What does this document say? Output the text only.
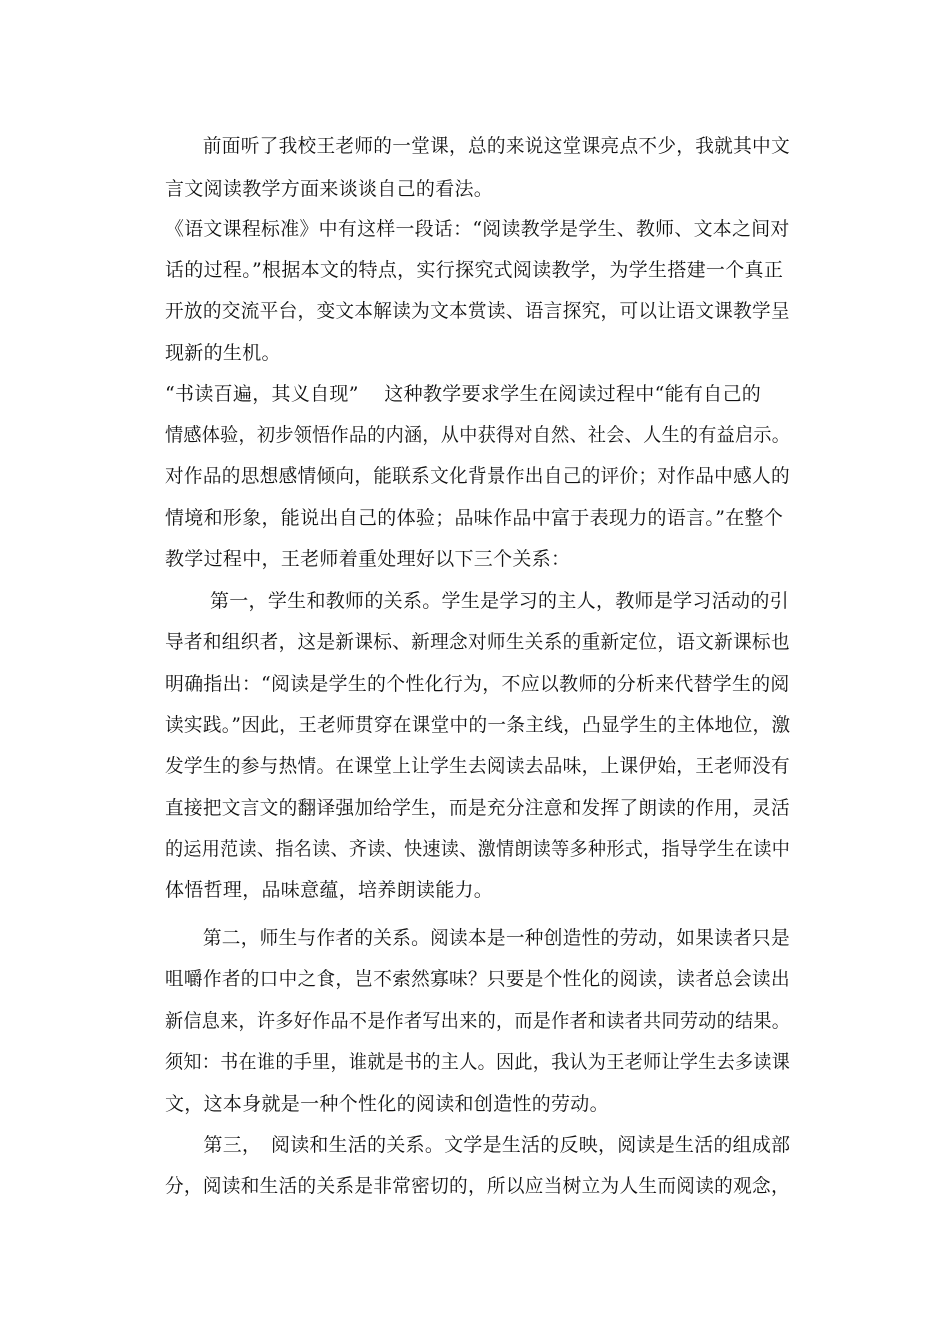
　　前面听了我校王老师的一堂课，总的来说这堂课亮点不少，我就其中文
言文阅读教学方面来谈谈自己的看法。
《语文课程标准》中有这样一段话：“阅读教学是学生、教师、文本之间对
话的过程。”根据本文的特点，实行探究式阅读教学，为学生搭建一个真正
开放的交流平台，变文本解读为文本赏读、语言探究，可以让语文课教学呈
现新的生机。
“书读百遍，其义自现”　 这种教学要求学生在阅读过程中“能有自己的
情感体验，初步领悟作品的内涵，从中获得对自然、社会、人生的有益启示。
对作品的思想感情倾向，能联系文化背景作出自己的评价；对作品中感人的
情境和形象，能说出自己的体验；品味作品中富于表现力的语言。”在整个
教学过程中，王老师着重处理好以下三个关系：
　　 第一，学生和教师的关系。学生是学习的主人，教师是学习活动的引
导者和组织者，这是新课标、新理念对师生关系的重新定位，语文新课标也
明确指出：“阅读是学生的个性化行为，不应以教师的分析来代替学生的阅
读实践。”因此，王老师贯穿在课堂中的一条主线，凸显学生的主体地位，激
发学生的参与热情。在课堂上让学生去阅读去品味，上课伊始，王老师没有
直接把文言文的翻译强加给学生，而是充分注意和发挥了朗读的作用，灵活
的运用范读、指名读、齐读、快速读、激情朗读等多种形式，指导学生在读中
体悟哲理，品味意蕴，培养朗读能力。
　　第二，师生与作者的关系。阅读本是一种创造性的劳动，如果读者只是
咀嚼作者的口中之食，岂不索然寡味？只要是个性化的阅读，读者总会读出
新信息来，许多好作品不是作者写出来的，而是作者和读者共同劳动的结果。
须知：书在谁的手里，谁就是书的主人。因此，我认为王老师让学生去多读课
文，这本身就是一种个性化的阅读和创造性的劳动。
　　第三，　阅读和生活的关系。文学是生活的反映，阅读是生活的组成部
分，阅读和生活的关系是非常密切的，所以应当树立为人生而阅读的观念，
